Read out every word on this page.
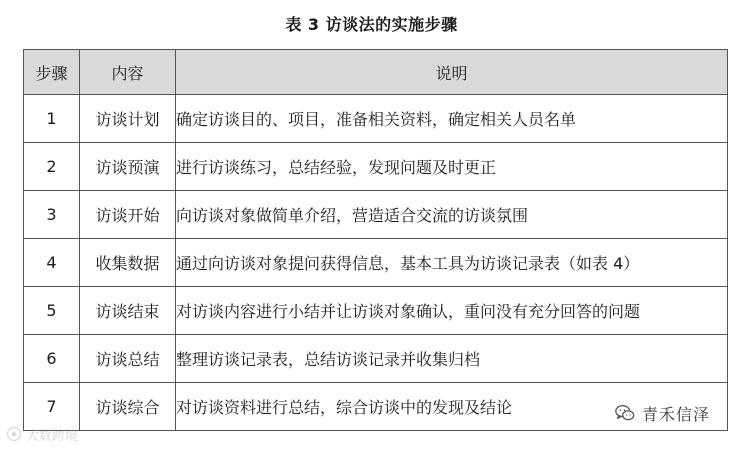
表 3 访谈法的实施步骤
步骤	内容	说明
1	访谈计划	确定访谈目的、项目，准备相关资料，确定相关人员名单
2	访谈预演	进行访谈练习，总结经验，发现问题及时更正
3	访谈开始	向访谈对象做简单介绍，营造适合交流的访谈氛围
4	收集数据	通过向访谈对象提问获得信息，基本工具为访谈记录表（如表 4）
5	访谈结束	对访谈内容进行小结并让访谈对象确认，重问没有充分回答的问题
6	访谈总结	整理访谈记录表，总结访谈记录并收集归档
7	访谈综合	对访谈资料进行总结，综合访谈中的发现及结论	青禾信泽
大数跨境
